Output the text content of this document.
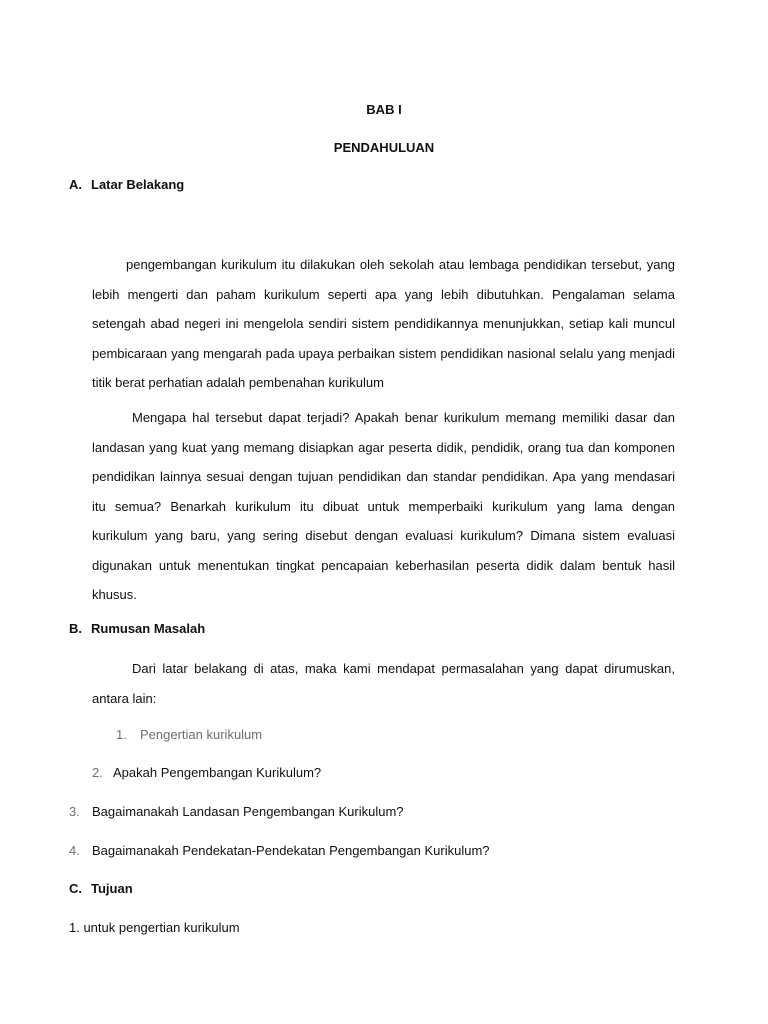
BAB I
PENDAHULUAN
A. Latar Belakang
pengembangan kurikulum itu dilakukan oleh sekolah atau lembaga pendidikan tersebut, yang
lebih mengerti dan paham kurikulum seperti apa yang lebih dibutuhkan. Pengalaman selama
setengah abad negeri ini mengelola sendiri sistem pendidikannya menunjukkan, setiap kali muncul
pembicaraan yang mengarah pada upaya perbaikan sistem pendidikan nasional selalu yang menjadi
titik berat perhatian adalah pembenahan kurikulum
Mengapa hal tersebut dapat terjadi? Apakah benar kurikulum memang memiliki dasar dan
landasan yang kuat yang memang disiapkan agar peserta didik, pendidik, orang tua dan komponen
pendidikan lainnya sesuai dengan tujuan pendidikan dan standar pendidikan. Apa yang mendasari
itu semua? Benarkah kurikulum itu dibuat untuk memperbaiki kurikulum yang lama dengan
kurikulum yang baru, yang sering disebut dengan evaluasi kurikulum? Dimana sistem evaluasi
digunakan untuk menentukan tingkat pencapaian keberhasilan peserta didik dalam bentuk hasil
khusus.
B. Rumusan Masalah
Dari latar belakang di atas, maka kami mendapat permasalahan yang dapat dirumuskan,
antara lain:
1. Pengertian kurikulum
2. Apakah Pengembangan Kurikulum?
3. Bagaimanakah Landasan Pengembangan Kurikulum?
4. Bagaimanakah Pendekatan-Pendekatan Pengembangan Kurikulum?
C. Tujuan
1. untuk pengertian kurikulum
